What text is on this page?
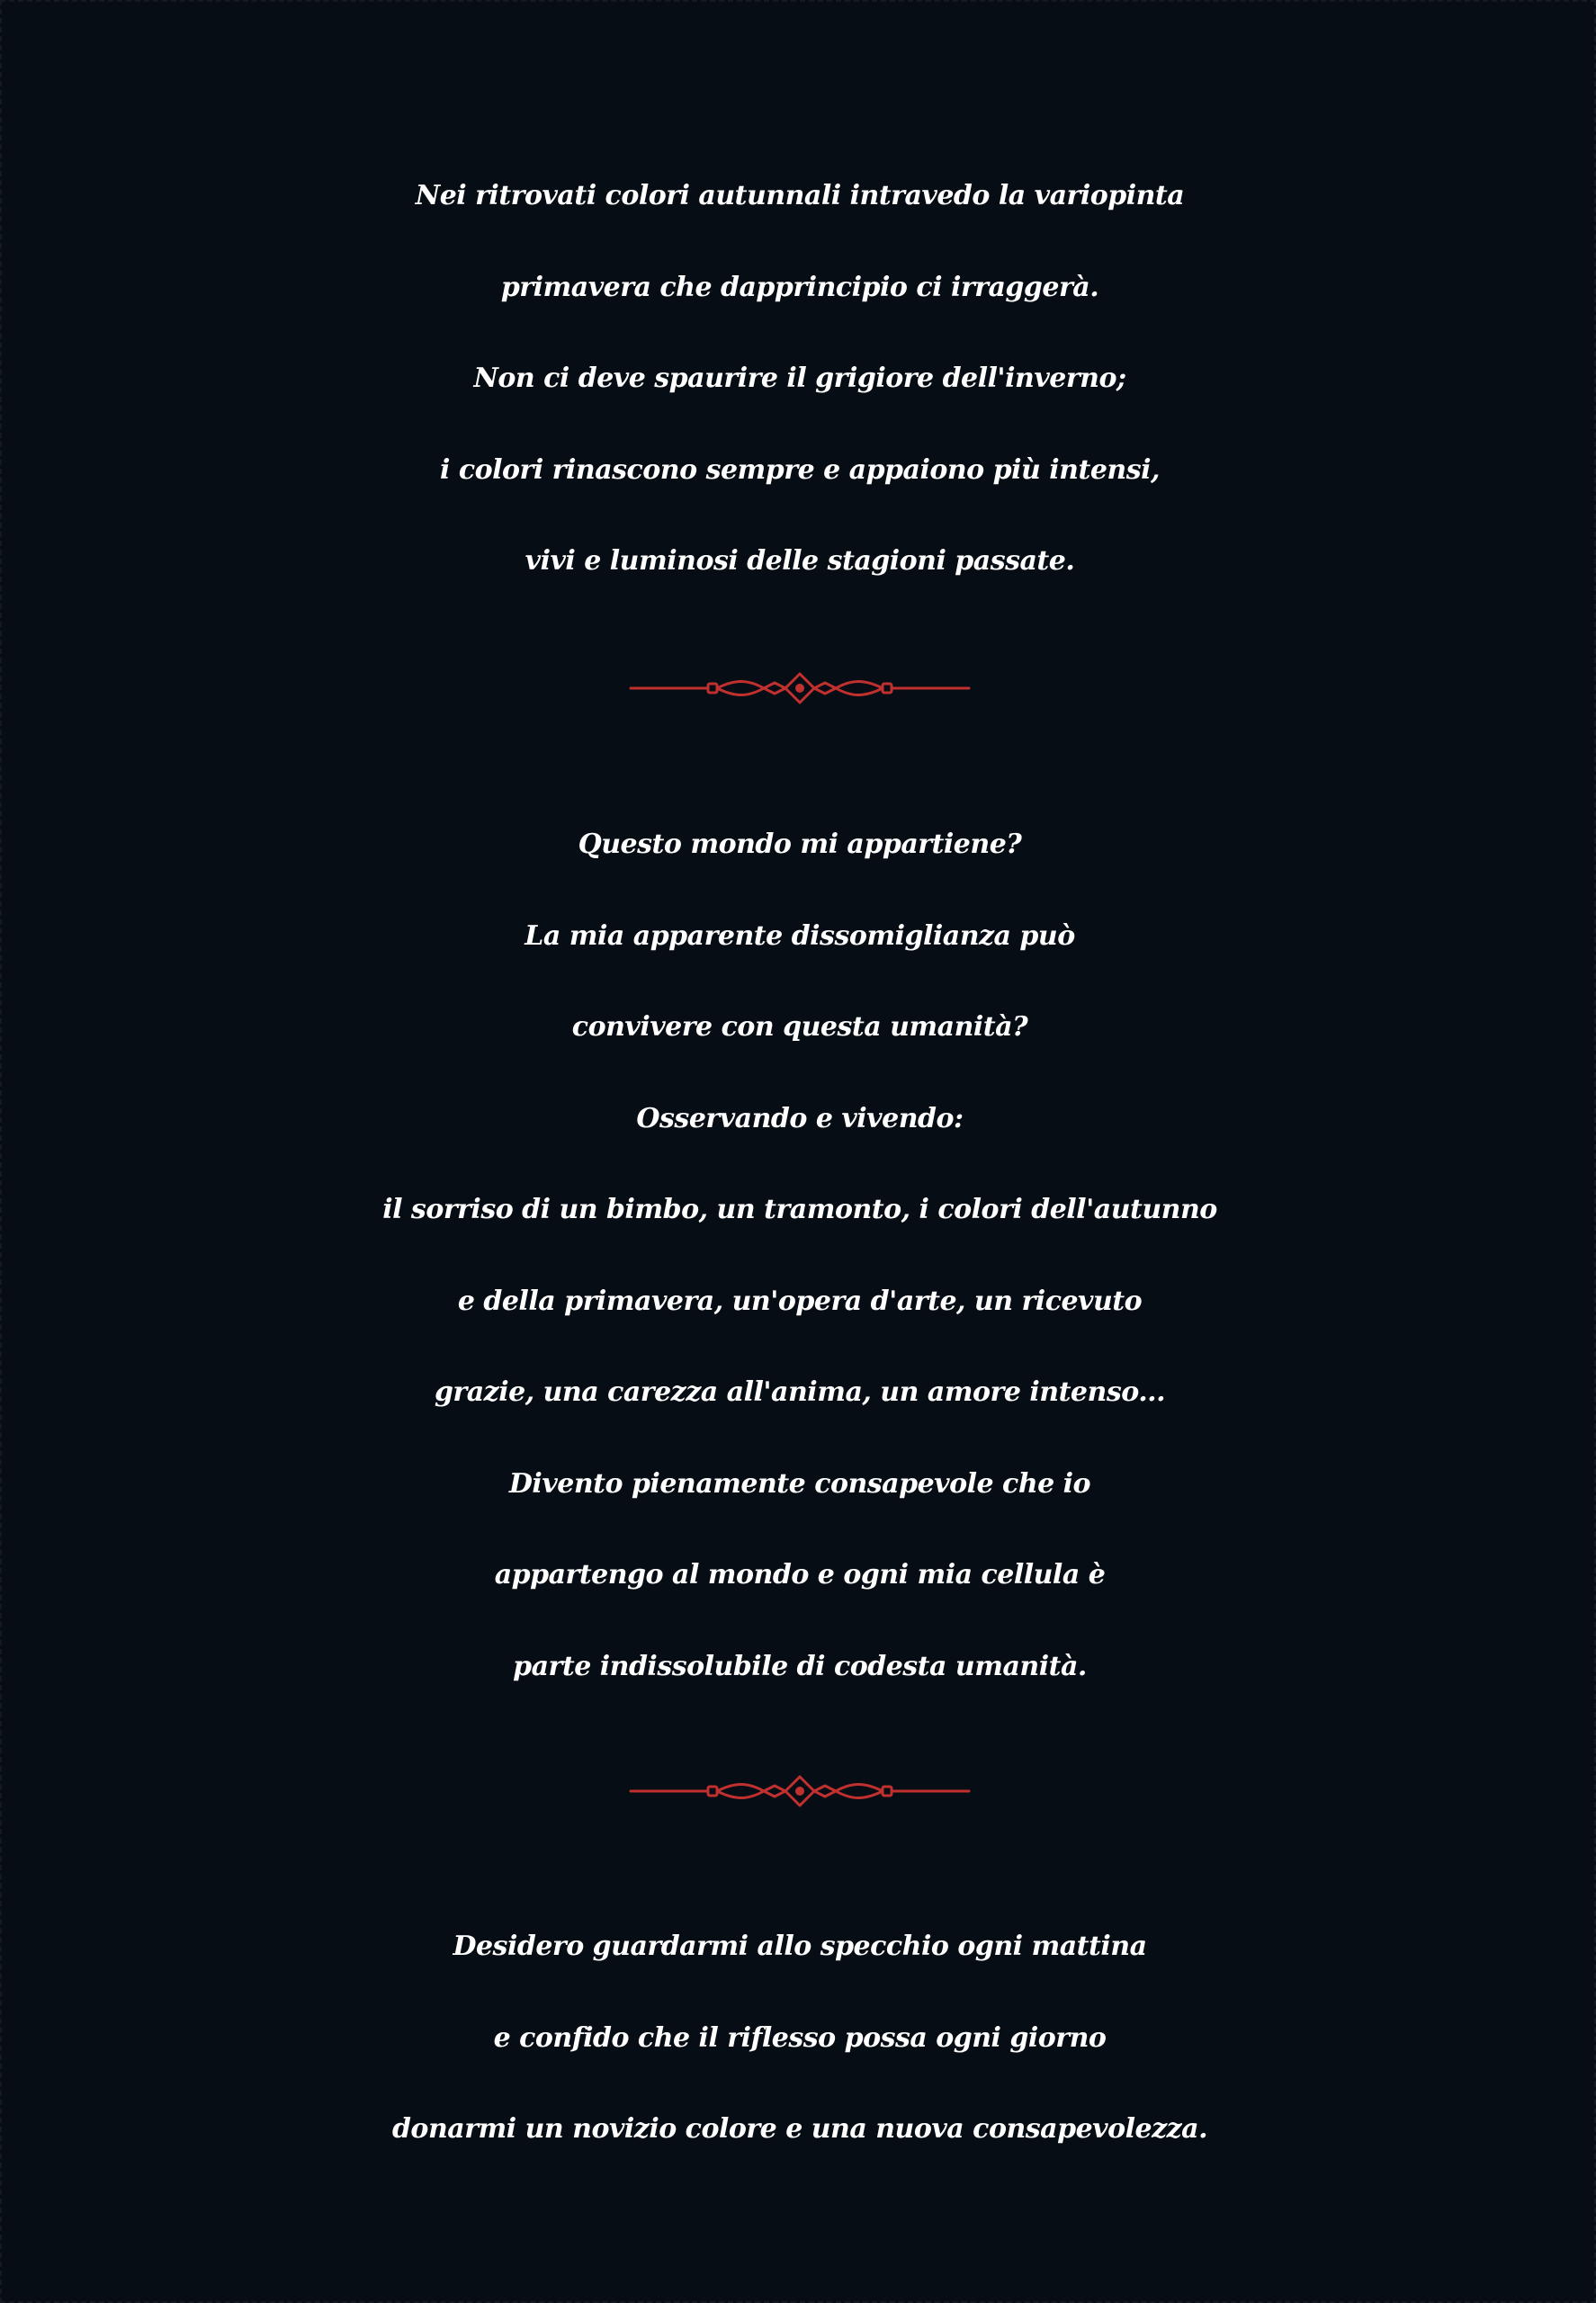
Nei ritrovati colori autunnali intravedo la variopinta
primavera che dapprincipio ci irraggerà.
Non ci deve spaurire il grigiore dell'inverno;
i colori rinascono sempre e appaiono più intensi,
vivi e luminosi delle stagioni passate.
Questo mondo mi appartiene?
La mia apparente dissomiglianza può
convivere con questa umanità?
Osservando e vivendo:
il sorriso di un bimbo, un tramonto, i colori dell'autunno
e della primavera, un'opera d'arte, un ricevuto
grazie, una carezza all'anima, un amore intenso...
Divento pienamente consapevole che io
appartengo al mondo e ogni mia cellula è
parte indissolubile di codesta umanità.
Desidero guardarmi allo specchio ogni mattina
e confido che il riflesso possa ogni giorno
donarmi un novizio colore e una nuova consapevolezza.
